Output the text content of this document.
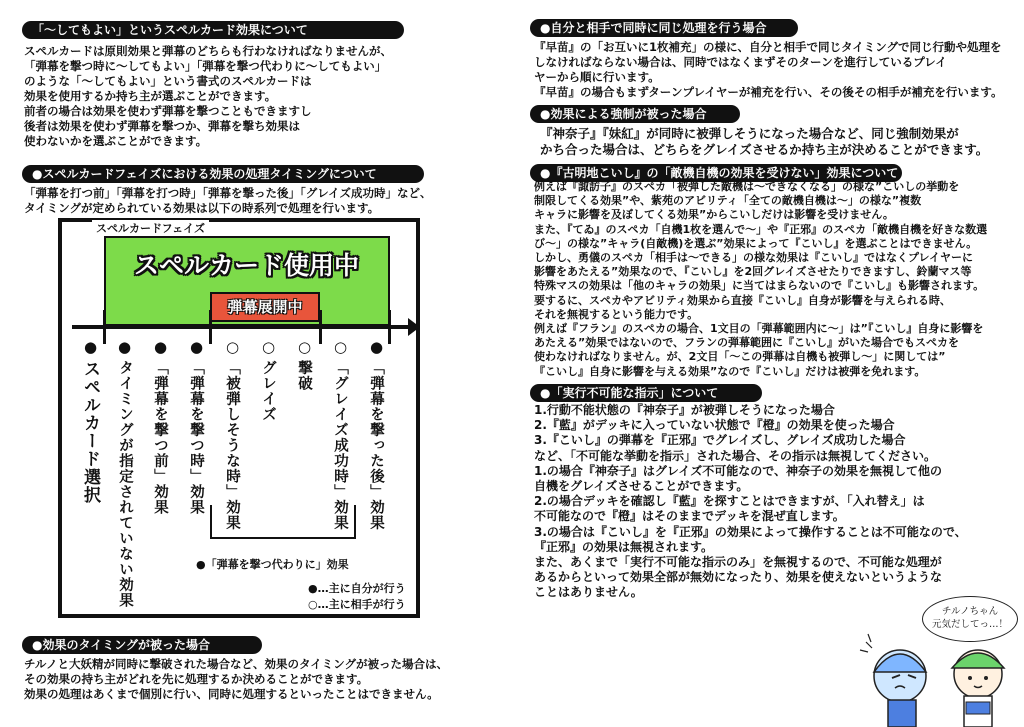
「〜してもよい」というスペルカード効果について

スペルカードは原則効果と弾幕のどちらも行わなければなりませんが、
「弾幕を撃つ時に〜してもよい」「弾幕を撃つ代わりに〜してもよい」
のような「〜してもよい」という書式のスペルカードは
効果を使用するか持ち主が選ぶことができます。
前者の場合は効果を使わず弾幕を撃つこともできますし
後者は効果を使わず弾幕を撃つか、弾幕を撃ち効果は
使わないかを選ぶことができます。

●スペルカードフェイズにおける効果の処理タイミングについて

「弾幕を打つ前」「弾幕を打つ時」「弾幕を撃った後」「グレイズ成功時」など、
タイミングが定められている効果は以下の時系列で処理を行います。

スペルカードフェイズ
スペルカード使用中
弾幕展開中
●
スペルカード選択
●
タイミングが指定されていない効果
●
「弾幕を撃つ前」効果
●
「弾幕を撃つ時」効果
○
「被弾しそうな時」効果
○
グレイズ
○
撃破
○
「グレイズ成功時」効果
●
「弾幕を撃った後」効果
●「弾幕を撃つ代わりに」効果
●…主に自分が行う
○…主に相手が行う
●効果のタイミングが被った場合

チルノと大妖精が同時に撃破された場合など、効果のタイミングが被った場合は、
その効果の持ち主がどれを先に処理するか決めることができます。
効果の処理はあくまで個別に行い、同時に処理するといったことはできません。

●自分と相手で同時に同じ処理を行う場合

『早苗』の「お互いに1枚補充」の様に、自分と相手で同じタイミングで同じ行動や処理を
しなければならない場合は、同時ではなくまずそのターンを進行しているプレイ
ヤーから順に行います。
『早苗』の場合もまずターンプレイヤーが補充を行い、その後その相手が補充を行います。

●効果による強制が被った場合

『神奈子』『妹紅』が同時に被弾しそうになった場合など、同じ強制効果が
かち合った場合は、どちらをグレイズさせるか持ち主が決めることができます。

●『古明地こいし』の「敵機自機の効果を受けない」効果について

例えば『諏訪子』のスペカ「被弾した敵機は〜できなくなる」の様な”こいしの挙動を
制限してくる効果”や、紫苑のアビリティ「全ての敵機自機は〜」の様な”複数
キャラに影響を及ぼしてくる効果”からこいしだけは影響を受けません。
また、『てゐ』のスペカ「自機1枚を選んで〜」や『正邪』のスペカ「敵機自機を好きな数選
び〜」の様な”キャラ(自敵機)を選ぶ”効果によって『こいし』を選ぶことはできません。
しかし、勇儀のスペカ「相手は〜できる」の様な効果は『こいし』ではなくプレイヤーに
影響をあたえる”効果なので、『こいし』を2回グレイズさせたりできますし、鈴蘭マス等
特殊マスの効果は「他のキャラの効果」に当てはまらないので『こいし』も影響されます。
要するに、スペカやアビリティ効果から直接『こいし』自身が影響を与えられる時、
それを無視するという能力です。
例えば『フラン』のスペカの場合、1文目の「弾幕範囲内に〜」は”『こいし』自身に影響を
あたえる”効果ではないので、フランの弾幕範囲に『こいし』がいた場合でもスペカを
使わなければなりません。が、2文目「〜この弾幕は自機も被弾し〜」に関しては”
『こいし』自身に影響を与える効果”なので『こいし』だけは被弾を免れます。

●「実行不可能な指示」について

1.行動不能状態の『神奈子』が被弾しそうになった場合
2.『藍』がデッキに入っていない状態で『橙』の効果を使った場合
3.『こいし』の弾幕を『正邪』でグレイズし、グレイズ成功した場合
など、「不可能な挙動を指示」された場合、その指示は無視してください。
1.の場合『神奈子』はグレイズ不可能なので、神奈子の効果を無視して他の
自機をグレイズさせることができます。
2.の場合デッキを確認し『藍』を探すことはできますが、「入れ替え」は
不可能なので『橙』はそのままでデッキを混ぜ直します。
3.の場合は『こいし』を『正邪』の効果によって操作することは不可能なので、
『正邪』の効果は無視されます。
また、あくまで「実行不可能な指示のみ」を無視するので、不可能な処理が
あるからといって効果全部が無効になったり、効果を使えないというような
ことはありません。

チルノちゃん
元気だしてっ…！
